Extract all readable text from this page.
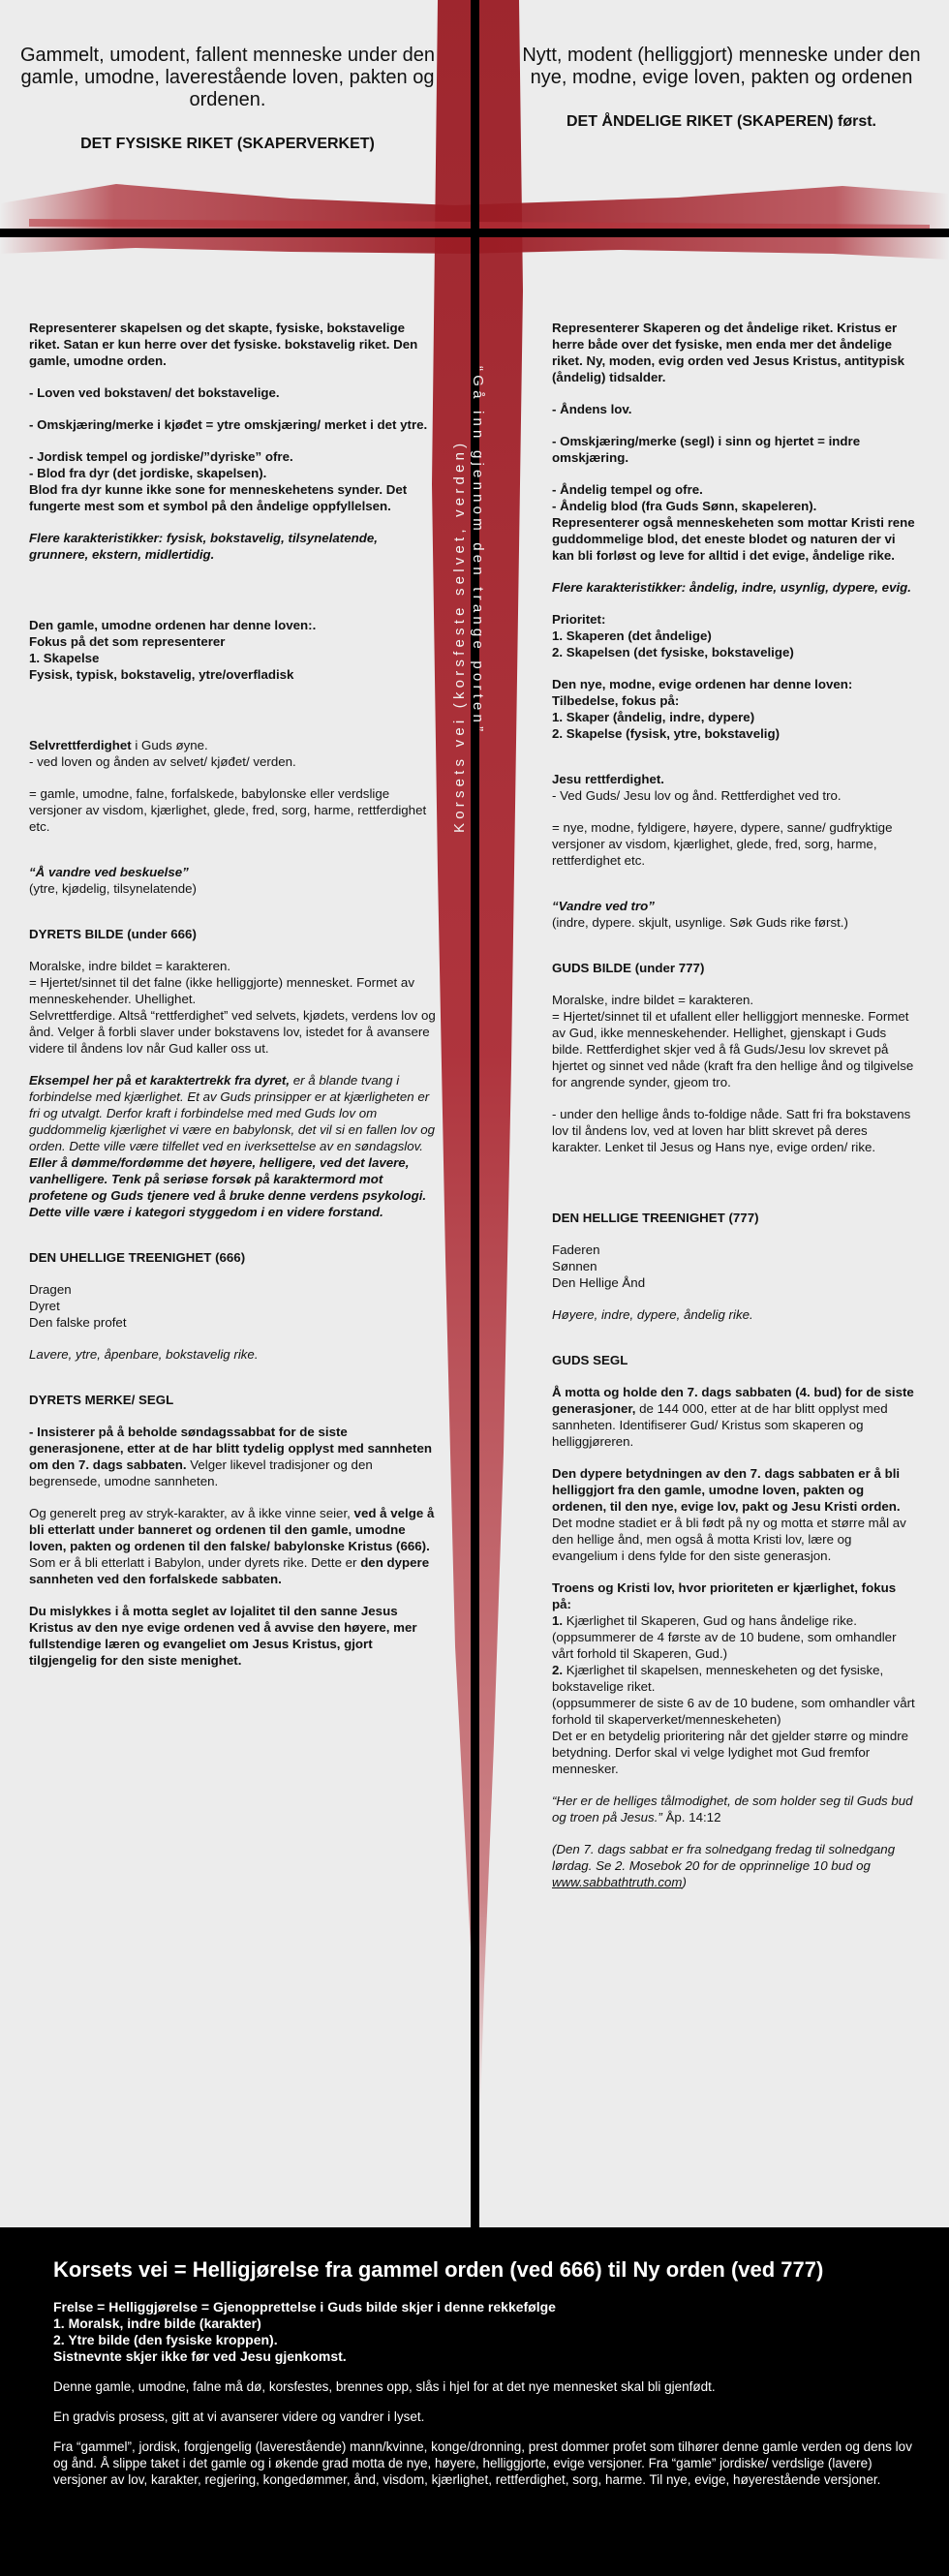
Korsets vei (korsfeste selvet, verden) “Gå inn gjennom den trange porten”
Gammelt, umodent, fallent menneske under den gamle, umodne, laverestående loven, pakten og ordenen.
DET FYSISKE RIKET (SKAPERVERKET)
Nytt, modent (helliggjort) menneske under den nye, modne, evige loven, pakten og ordenen
DET ÅNDELIGE RIKET (SKAPEREN) først.

Representerer skapelsen og det skapte, fysiske, bokstavelige riket. Satan er kun herre over det fysiske. bokstavelig riket. Den gamle, umodne orden.

- Loven ved bokstaven/ det bokstavelige.

- Omskjæring/merke i kjøđet = ytre omskjæring/ merket i det ytre.

- Jordisk tempel og jordiske/”dyriske” ofre.
- Blod fra dyr (det jordiske, skapelsen).
Blod fra dyr kunne ikke sone for menneskehetens synder. Det fungerte mest som et symbol på den åndelige oppfyllelsen.

Flere karakteristikker: fysisk, bokstavelig, tilsynelatende, grunnere, ekstern, midlertidig.

Den gamle, umodne ordenen har denne loven:.
Fokus på det som representerer
1. Skapelse
Fysisk, typisk, bokstavelig, ytre/overfladisk

Selvrettferdighet i Guds øyne.
- ved loven og ånden av selvet/ kjøđet/ verden.

= gamle, umodne, falne, forfalskede, babylonske eller verdslige versjoner av visdom, kjærlighet, glede, fred, sorg, harme, rettferdighet etc.

“Å vandre ved beskuelse”
(ytre, kjødelig, tilsynelatende)

DYRETS BILDE (under 666)

Moralske, indre bildet = karakteren.
= Hjertet/sinnet til det falne (ikke helliggjorte) mennesket. Formet av menneskehender. Uhellighet.
Selvrettferdige. Altså “rettferdighet” ved selvets, kjødets, verdens lov og ånd. Velger å forbli slaver under bokstavens lov, istedet for å avansere videre til åndens lov når Gud kaller oss ut.

Eksempel her på et karaktertrekk fra dyret, er å blande tvang i forbindelse med kjærlighet. Et av Guds prinsipper er at kjærligheten er fri og utvalgt. Derfor kraft i forbindelse med med Guds lov om guddommelig kjærlighet vi være en babylonsk, det vil si en fallen lov og orden. Dette ville være tilfellet ved en iverksettelse av en søndagslov.
Eller å dømme/fordømme det høyere, helligere, ved det lavere, vanhelligere. Tenk på seriøse forsøk på karaktermord mot profetene og Guds tjenere ved å bruke denne verdens psykologi. Dette ville være i kategori styggedom i en videre forstand.

DEN UHELLIGE TREENIGHET (666)

Dragen
Dyret
Den falske profet

Lavere, ytre, åpenbare, bokstavelig rike.

DYRETS MERKE/ SEGL

- Insisterer på å beholde søndagssabbat for de siste generasjonene, etter at de har blitt tydelig opplyst med sannheten om den 7. dags sabbaten. Velger likevel tradisjoner og den begrensede, umodne sannheten.

Og generelt preg av stryk-karakter, av å ikke vinne seier, ved å velge å bli etterlatt under banneret og ordenen til den gamle, umodne loven, pakten og ordenen til den falske/ babylonske Kristus (666). Som er å bli etterlatt i Babylon, under dyrets rike. Dette er den dypere sannheten ved den forfalskede sabbaten.

Du mislykkes i å motta seglet av lojalitet til den sanne Jesus Kristus av den nye evige ordenen ved å avvise den høyere, mer fullstendige læren og evangeliet om Jesus Kristus, gjort tilgjengelig for den siste menighet.

Representerer Skaperen og det åndelige riket. Kristus er herre både over det fysiske, men enda mer det åndelige riket. Ny, moden, evig orden ved Jesus Kristus, antitypisk (åndelig) tidsalder.

- Åndens lov.

- Omskjæring/merke (segl) i sinn og hjertet = indre omskjæring.

- Åndelig tempel og ofre.
- Åndelig blod (fra Guds Sønn, skapeleren).
Representerer også menneskeheten som mottar Kristi rene guddommelige blod, det eneste blodet og naturen der vi kan bli forløst og leve for alltid i det evige, åndelige rike.

Flere karakteristikker: åndelig, indre, usynlig, dypere, evig.

Prioritet:
1. Skaperen (det åndelige)
2. Skapelsen (det fysiske, bokstavelige)

Den nye, modne, evige ordenen har denne loven: Tilbedelse, fokus på:
1. Skaper (åndelig, indre, dypere)
2. Skapelse (fysisk, ytre, bokstavelig)

Jesu rettferdighet.
- Ved Guds/ Jesu lov og ånd. Rettferdighet ved tro.

= nye, modne, fyldigere, høyere, dypere, sanne/ gudfryktige versjoner av visdom, kjærlighet, glede, fred, sorg, harme, rettferdighet etc.

“Vandre ved tro”
(indre, dypere. skjult, usynlige. Søk Guds rike først.)

GUDS BILDE (under 777)

Moralske, indre bildet = karakteren.
= Hjertet/sinnet til et ufallent eller helliggjort menneske. Formet av Gud, ikke menneskehender. Hellighet, gjenskapt i Guds bilde. Rettferdighet skjer ved å få Guds/Jesu lov skrevet på hjertet og sinnet ved nåde (kraft fra den hellige ånd og tilgivelse for angrende synder, gjeom tro.

- under den hellige ånds to-foldige nåde. Satt fri fra bokstavens lov til åndens lov, ved at loven har blitt skrevet på deres karakter. Lenket til Jesus og Hans nye, evige orden/ rike.

DEN HELLIGE TREENIGHET (777)

Faderen
Sønnen
Den Hellige Ånd

Høyere, indre, dypere, åndelig rike.

GUDS SEGL

Å motta og holde den 7. dags sabbaten (4. bud) for de siste generasjoner, de 144 000, etter at de har blitt opplyst med sannheten. Identifiserer Gud/ Kristus som skaperen og helliggjøreren.

Den dypere betydningen av den 7. dags sabbaten er å bli helliggjort fra den gamle, umodne loven, pakten og ordenen, til den nye, evige lov, pakt og Jesu Kristi orden. Det modne stadiet er å bli født på ny og motta et større mål av den hellige ånd, men også å motta Kristi lov, lære og evangelium i dens fylde for den siste generasjon.

Troens og Kristi lov, hvor prioriteten er kjærlighet, fokus på:
1. Kjærlighet til Skaperen, Gud og hans åndelige rike. (oppsummerer de 4 første av de 10 budene, som omhandler vårt forhold til Skaperen, Gud.)
2. Kjærlighet til skapelsen, menneskeheten og det fysiske, bokstavelige riket.
(oppsummerer de siste 6 av de 10 budene, som omhandler vårt forhold til skaperverket/menneskeheten)
Det er en betydelig prioritering når det gjelder større og mindre betydning. Derfor skal vi velge lydighet mot Gud fremfor mennesker.

“Her er de helliges tålmodighet, de som holder seg til Guds bud og troen på Jesus.” Åp. 14:12

(Den 7. dags sabbat er fra solnedgang fredag til solnedgang lørdag. Se 2. Mosebok 20 for de opprinnelige 10 bud og www.sabbathtruth.com)

Korsets vei = Helligjørelse fra gammel orden (ved 666) til Ny orden (ved 777)
Frelse = Helliggjørelse = Gjenopprettelse i Guds bilde skjer i denne rekkefølge
1. Moralsk, indre bilde (karakter)
2. Ytre bilde (den fysiske kroppen).
Sistnevnte skjer ikke før ved Jesu gjenkomst.
Denne gamle, umodne, falne må dø, korsfestes, brennes opp, slås i hjel for at det nye mennesket skal bli gjenfødt.
En gradvis prosess, gitt at vi avanserer videre og vandrer i lyset.
Fra “gammel”, jordisk, forgjengelig (laverestående) mann/kvinne, konge/dronning, prest dommer profet som tilhører denne gamle verden og dens lov og ånd. Å slippe taket i det gamle og i økende grad motta de nye, høyere, helliggjorte, evige versjoner. Fra “gamle” jordiske/ verdslige (lavere) versjoner av lov, karakter, regjering, kongedømmer, ånd, visdom, kjærlighet, rettferdighet, sorg, harme. Til nye, evige, høyerestående versjoner.
